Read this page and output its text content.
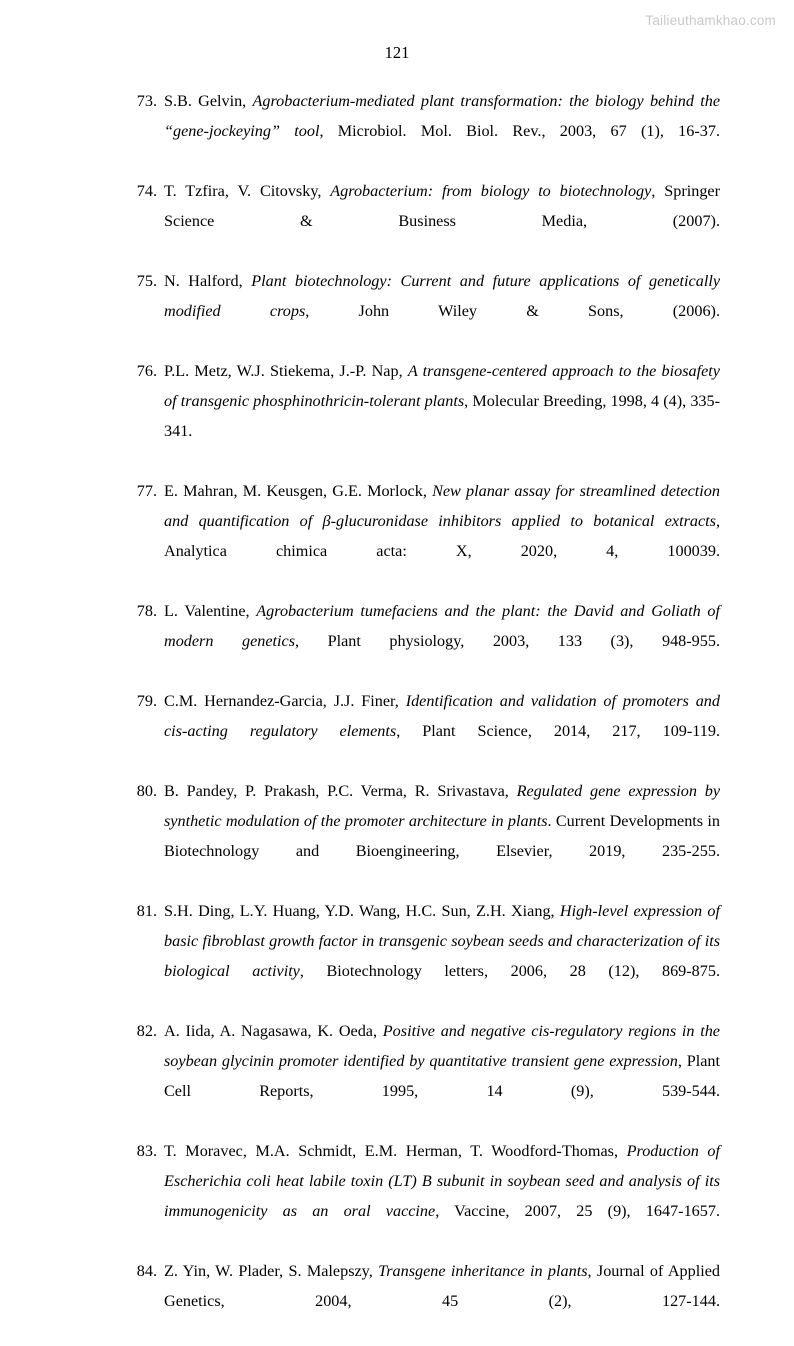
Tailieuthamkhao.com
121
73. S.B. Gelvin, Agrobacterium-mediated plant transformation: the biology behind the “gene-jockeying” tool, Microbiol. Mol. Biol. Rev., 2003, 67 (1), 16-37.
74. T. Tzfira, V. Citovsky, Agrobacterium: from biology to biotechnology, Springer Science & Business Media, (2007).
75. N. Halford, Plant biotechnology: Current and future applications of genetically modified crops, John Wiley & Sons, (2006).
76. P.L. Metz, W.J. Stiekema, J.-P. Nap, A transgene-centered approach to the biosafety of transgenic phosphinothricin-tolerant plants, Molecular Breeding, 1998, 4 (4), 335-341.
77. E. Mahran, M. Keusgen, G.E. Morlock, New planar assay for streamlined detection and quantification of β-glucuronidase inhibitors applied to botanical extracts, Analytica chimica acta: X, 2020, 4, 100039.
78. L. Valentine, Agrobacterium tumefaciens and the plant: the David and Goliath of modern genetics, Plant physiology, 2003, 133 (3), 948-955.
79. C.M. Hernandez-Garcia, J.J. Finer, Identification and validation of promoters and cis-acting regulatory elements, Plant Science, 2014, 217, 109-119.
80. B. Pandey, P. Prakash, P.C. Verma, R. Srivastava, Regulated gene expression by synthetic modulation of the promoter architecture in plants. Current Developments in Biotechnology and Bioengineering, Elsevier, 2019, 235-255.
81. S.H. Ding, L.Y. Huang, Y.D. Wang, H.C. Sun, Z.H. Xiang, High-level expression of basic fibroblast growth factor in transgenic soybean seeds and characterization of its biological activity, Biotechnology letters, 2006, 28 (12), 869-875.
82. A. Iida, A. Nagasawa, K. Oeda, Positive and negative cis-regulatory regions in the soybean glycinin promoter identified by quantitative transient gene expression, Plant Cell Reports, 1995, 14 (9), 539-544.
83. T. Moravec, M.A. Schmidt, E.M. Herman, T. Woodford-Thomas, Production of Escherichia coli heat labile toxin (LT) B subunit in soybean seed and analysis of its immunogenicity as an oral vaccine, Vaccine, 2007, 25 (9), 1647-1657.
84. Z. Yin, W. Plader, S. Malepszy, Transgene inheritance in plants, Journal of Applied Genetics, 2004, 45 (2), 127-144.
